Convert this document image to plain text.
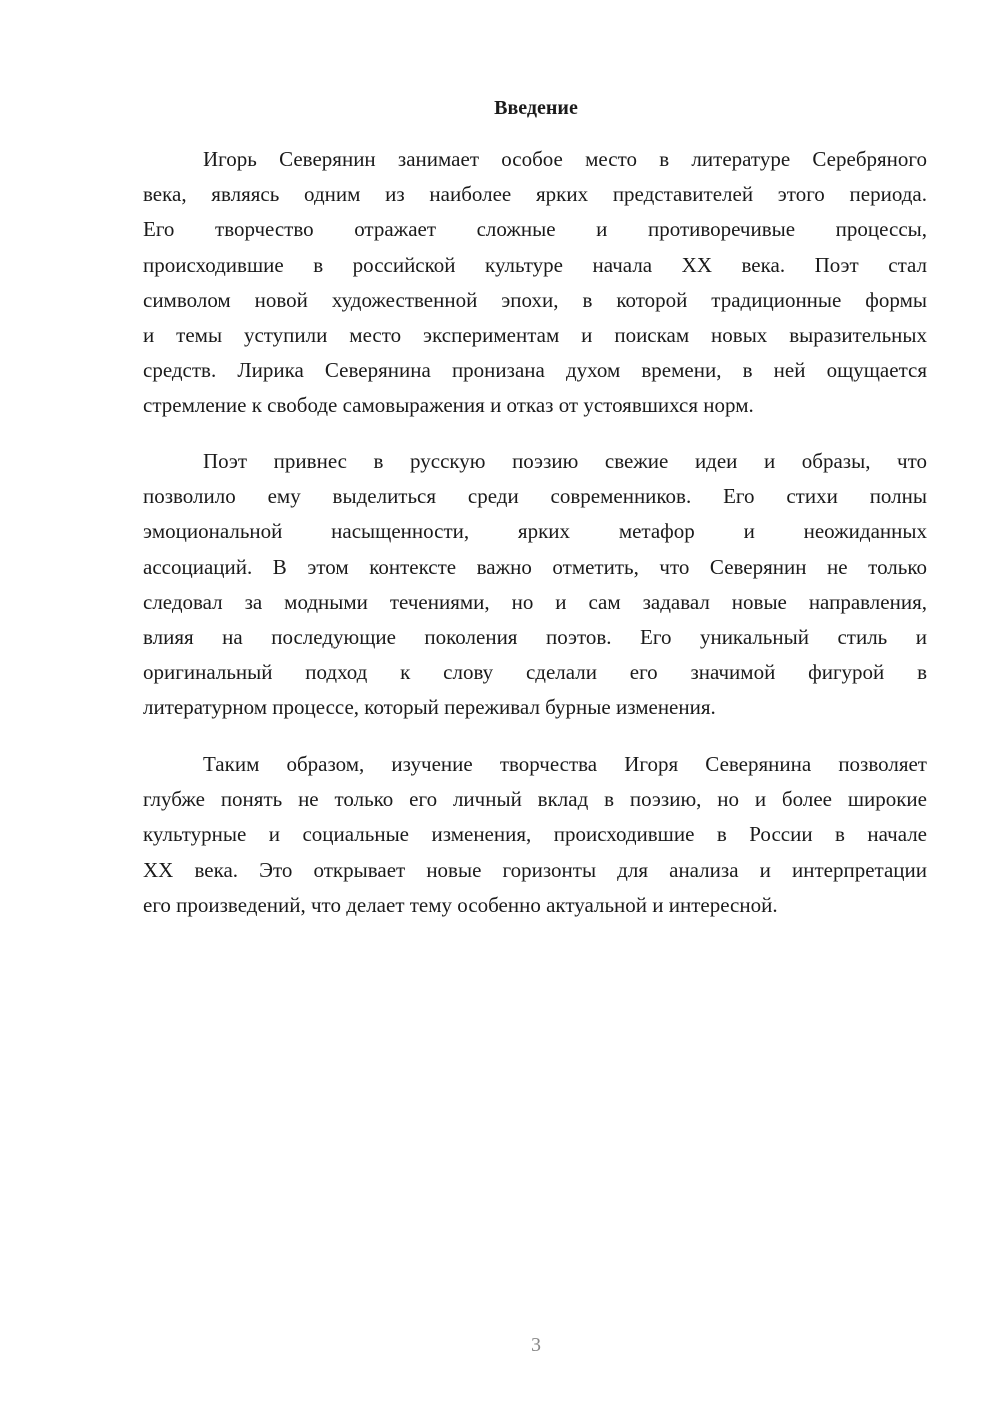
Введение
Игорь Северянин занимает особое место в литературе Серебряного
века, являясь одним из наиболее ярких представителей этого периода.
Его творчество отражает сложные и противоречивые процессы,
происходившие в российской культуре начала XX века. Поэт стал
символом новой художественной эпохи, в которой традиционные формы
и темы уступили место экспериментам и поискам новых выразительных
средств. Лирика Северянина пронизана духом времени, в ней ощущается
стремление к свободе самовыражения и отказ от устоявшихся норм.
Поэт привнес в русскую поэзию свежие идеи и образы, что
позволило ему выделиться среди современников. Его стихи полны
эмоциональной насыщенности, ярких метафор и неожиданных
ассоциаций. В этом контексте важно отметить, что Северянин не только
следовал за модными течениями, но и сам задавал новые направления,
влияя на последующие поколения поэтов. Его уникальный стиль и
оригинальный подход к слову сделали его значимой фигурой в
литературном процессе, который переживал бурные изменения.
Таким образом, изучение творчества Игоря Северянина позволяет
глубже понять не только его личный вклад в поэзию, но и более широкие
культурные и социальные изменения, происходившие в России в начале
XX века. Это открывает новые горизонты для анализа и интерпретации
его произведений, что делает тему особенно актуальной и интересной.
3
